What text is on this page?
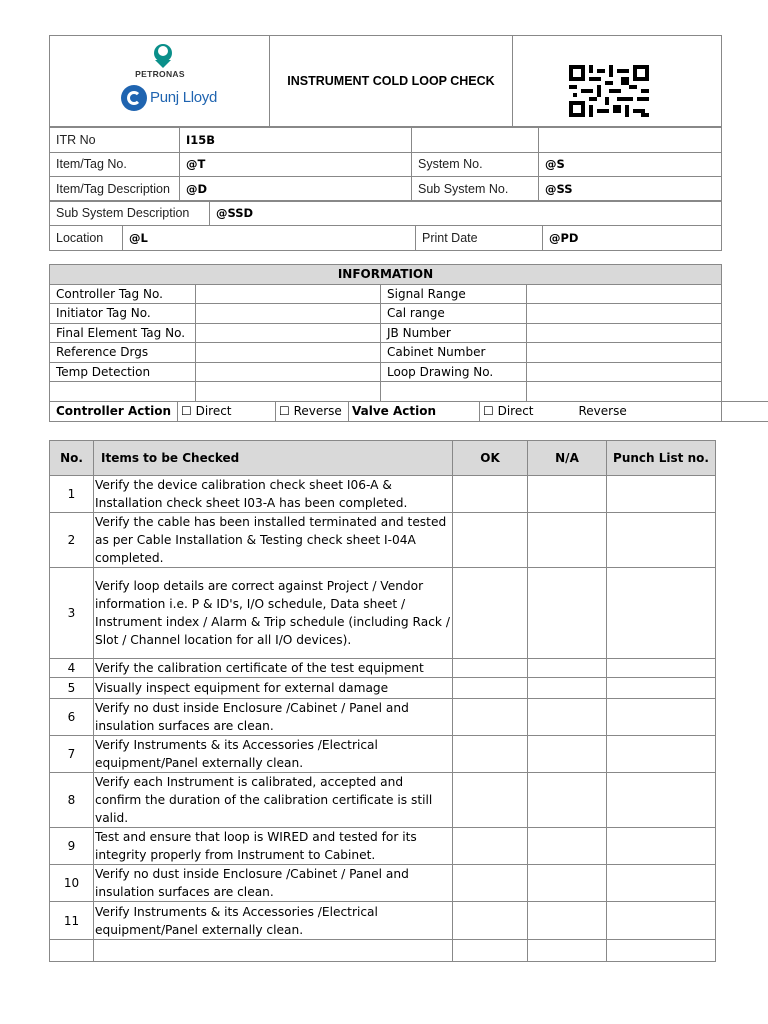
PETRONAS
Punj Lloyd
INSTRUMENT COLD LOOP CHECK
ITR No	I15B		
Item/Tag No.	@T	System No.	@S
Item/Tag Description	@D	Sub System No.	@SS
Sub System Description	@SSD
Location	@L	Print Date	@PD
INFORMATION			
Controller Tag No.		Signal Range	
Initiator Tag No.		Cal range	
Final Element Tag No.		JB Number	
Reference Drgs		Cabinet Number	
Temp Detection		Loop Drawing No.	

Controller Action	☐ Direct	☐ Reverse	Valve Action	☐ Direct	Reverse
No.	Items to be Checked	OK	N/A	Punch List no.
1	Verify the device calibration check sheet I06-A & Installation check sheet I03-A has been completed.			
2	Verify the cable has been installed terminated and tested as per Cable Installation & Testing check sheet I-04A completed.			
3	Verify loop details are correct against Project / Vendor information i.e. P & ID's, I/O schedule, Data sheet / Instrument index / Alarm & Trip schedule (including Rack / Slot / Channel location for all I/O devices).			
4	Verify the calibration certificate of the test equipment			
5	Visually inspect equipment for external damage			
6	Verify no dust inside Enclosure /Cabinet / Panel and insulation surfaces are clean.			
7	Verify Instruments & its Accessories /Electrical equipment/Panel externally clean.			
8	Verify each Instrument is calibrated, accepted and confirm the duration of the calibration certificate is still valid.			
9	Test and ensure that loop is WIRED and tested for its integrity properly from Instrument to Cabinet.			
10	Verify no dust inside Enclosure /Cabinet / Panel and insulation surfaces are clean.			
11	Verify Instruments & its Accessories /Electrical equipment/Panel externally clean.			
